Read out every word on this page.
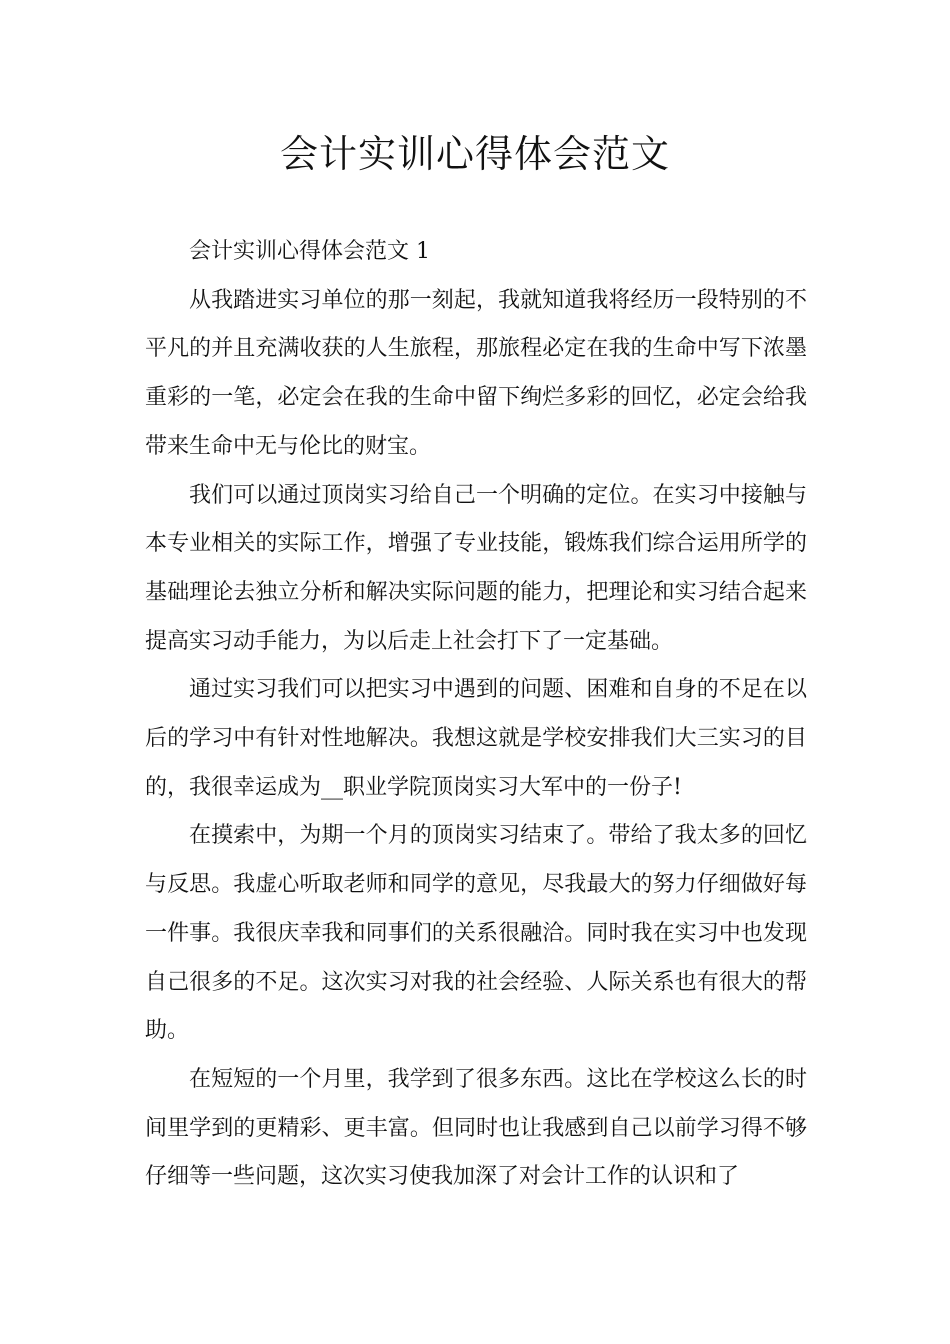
会计实训心得体会范文

会计实训心得体会范文 1

从我踏进实习单位的那一刻起，我就知道我将经历一段特别的不平凡的并且充满收获的人生旅程，那旅程必定在我的生命中写下浓墨重彩的一笔，必定会在我的生命中留下绚烂多彩的回忆，必定会给我带来生命中无与伦比的财宝。

我们可以通过顶岗实习给自己一个明确的定位。在实习中接触与本专业相关的实际工作，增强了专业技能，锻炼我们综合运用所学的基础理论去独立分析和解决实际问题的能力，把理论和实习结合起来提高实习动手能力，为以后走上社会打下了一定基础。

通过实习我们可以把实习中遇到的问题、困难和自身的不足在以后的学习中有针对性地解决。我想这就是学校安排我们大三实习的目的，我很幸运成为__职业学院顶岗实习大军中的一份子!

在摸索中，为期一个月的顶岗实习结束了。带给了我太多的回忆与反思。我虚心听取老师和同学的意见，尽我最大的努力仔细做好每一件事。我很庆幸我和同事们的关系很融洽。同时我在实习中也发现自己很多的不足。这次实习对我的社会经验、人际关系也有很大的帮助。

在短短的一个月里，我学到了很多东西。这比在学校这么长的时间里学到的更精彩、更丰富。但同时也让我感到自己以前学习得不够仔细等一些问题，这次实习使我加深了对会计工作的认识和了
